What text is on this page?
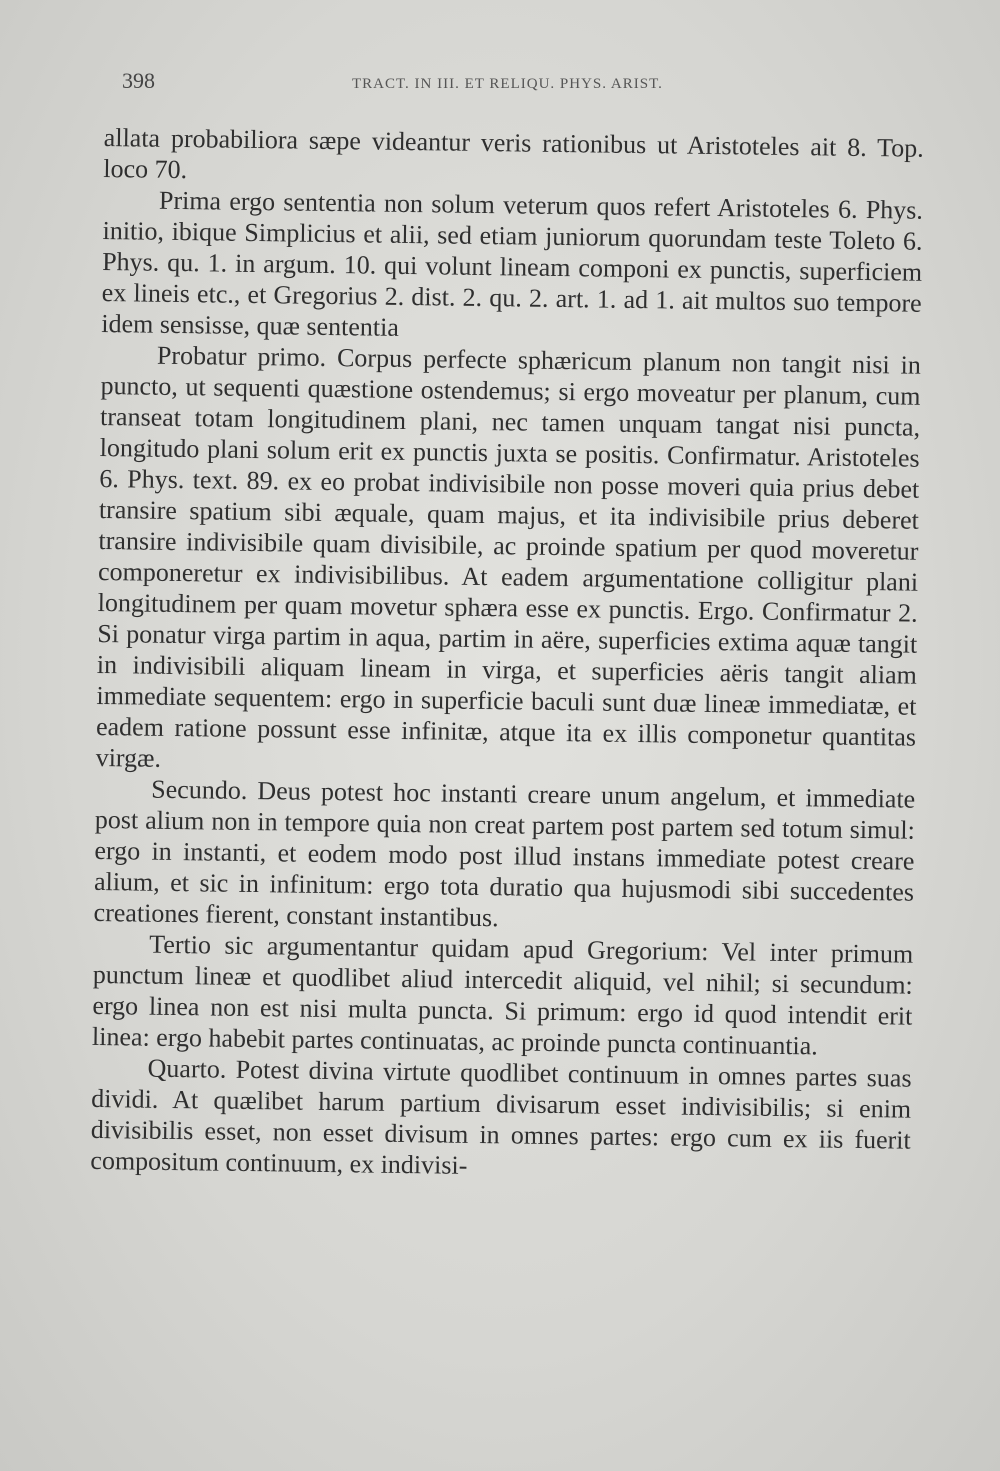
398	TRACT. IN III. ET RELIQU. PHYS. ARIST.

allata probabiliora sæpe videantur veris rationibus ut Aristoteles ait 8. Top. loco 70.

Prima ergo sententia non solum veterum quos refert Aristoteles 6. Phys. initio, ibique Simplicius et alii, sed etiam juniorum quorundam teste Toleto 6. Phys. qu. 1. in argum. 10. qui volunt lineam componi ex punctis, superficiem ex lineis etc., et Gregorius 2. dist. 2. qu. 2. art. 1. ad 1. ait multos suo tempore idem sensisse, quæ sententia

Probatur primo. Corpus perfecte sphæricum planum non tangit nisi in puncto, ut sequenti quæstione ostendemus; si ergo moveatur per planum, cum transeat totam longitudinem plani, nec tamen unquam tangat nisi puncta, longitudo plani solum erit ex punctis juxta se positis. Confirmatur. Aristoteles 6. Phys. text. 89. ex eo probat indivisibile non posse moveri quia prius debet transire spatium sibi æquale, quam majus, et ita indivisibile prius deberet transire indivisibile quam divisibile, ac proinde spatium per quod moveretur componeretur ex indivisibilibus. At eadem argumentatione colligitur plani longitudinem per quam movetur sphæra esse ex punctis. Ergo. Confirmatur 2. Si ponatur virga partim in aqua, partim in aëre, superficies extima aquæ tangit in indivisibili aliquam lineam in virga, et superficies aëris tangit aliam immediate sequentem: ergo in superficie baculi sunt duæ lineæ immediatæ, et eadem ratione possunt esse infinitæ, atque ita ex illis componetur quantitas virgæ.

Secundo. Deus potest hoc instanti creare unum angelum, et immediate post alium non in tempore quia non creat partem post partem sed totum simul: ergo in instanti, et eodem modo post illud instans immediate potest creare alium, et sic in infinitum: ergo tota duratio qua hujusmodi sibi succedentes creationes fierent, constant instantibus.

Tertio sic argumentantur quidam apud Gregorium: Vel inter primum punctum lineæ et quodlibet aliud intercedit aliquid, vel nihil; si secundum: ergo linea non est nisi multa puncta. Si primum: ergo id quod intendit erit linea: ergo habebit partes continuatas, ac proinde puncta continuantia.

Quarto. Potest divina virtute quodlibet continuum in omnes partes suas dividi. At quælibet harum partium divisarum esset indivisibilis; si enim divisibilis esset, non esset divisum in omnes partes: ergo cum ex iis fuerit compositum continuum, ex indivisi-
